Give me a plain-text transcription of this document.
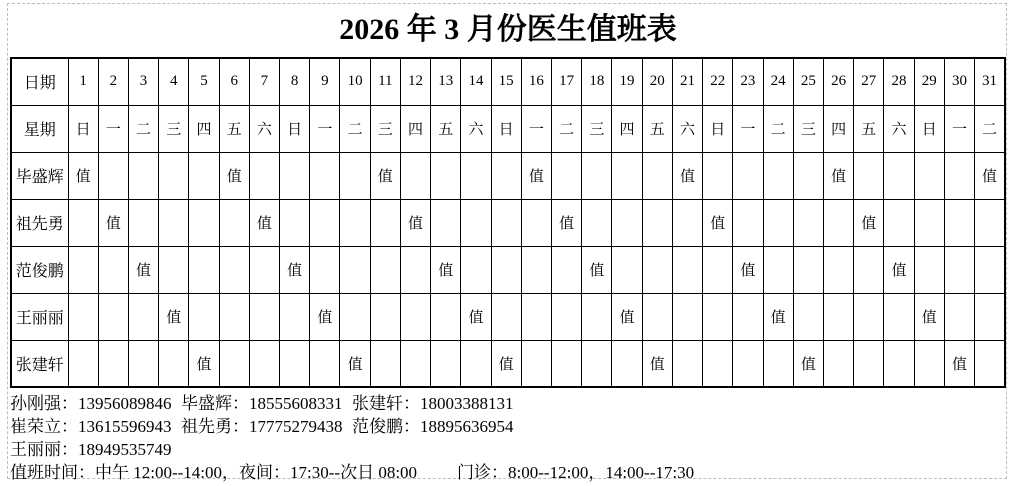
2026 年 3 月份医生值班表
日期	1	2	3	4	5	6	7	8	9	10	11	12	13	14	15	16	17	18	19	20	21	22	23	24	25	26	27	28	29	30	31
星期	日	一	二	三	四	五	六	日	一	二	三	四	五	六	日	一	二	三	四	五	六	日	一	二	三	四	五	六	日	一	二
毕盛辉	值					值					值					值					值					值					值
祖先勇		值					值					值					值					值					值				
范俊鹏			值					值					值					值					值					值			
王丽丽				值					值					值					值					值					值		
张建轩					值					值					值					值					值					值	
孙刚强：13956089846 毕盛辉：18555608331 张建轩：18003388131
崔荣立：13615596943 祖先勇：17775279438 范俊鹏：18895636954
王丽丽：18949535749
值班时间：中午 12:00--14:00，夜间：17:30--次日 08:00 门诊：8:00--12:00，14:00--17:30
